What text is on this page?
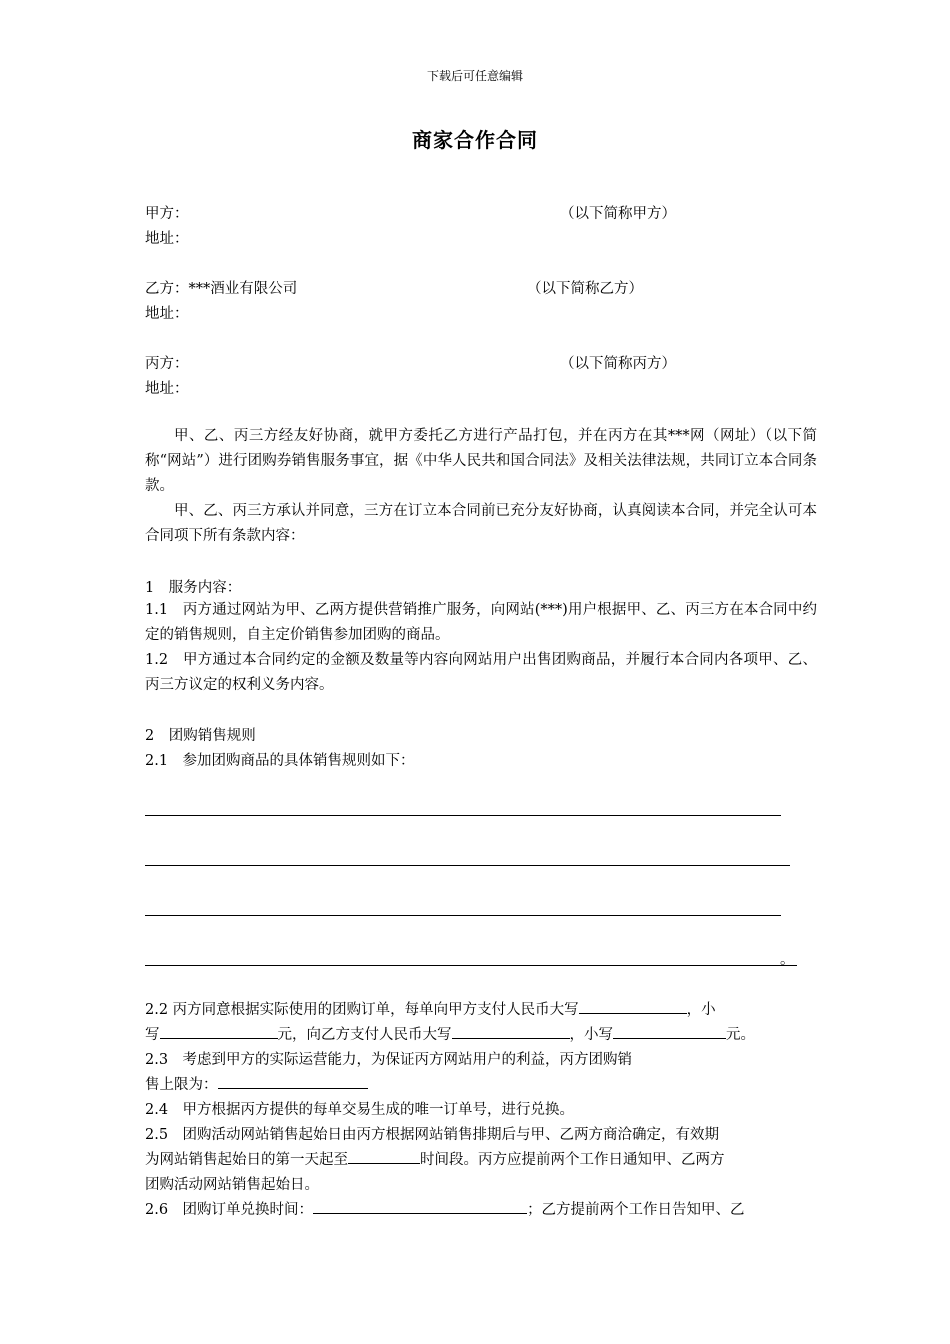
下载后可任意编辑
商家合作合同
甲方：	（以下简称甲方）
地址：
乙方：***酒业有限公司	（以下简称乙方）
地址：
丙方：	（以下简称丙方）
地址：
甲、乙、丙三方经友好协商，就甲方委托乙方进行产品打包，并在丙方在其***网（网址）（以下简称“网站”）进行团购券销售服务事宜，据《中华人民共和国合同法》及相关法律法规，共同订立本合同条款。
甲、乙、丙三方承认并同意，三方在订立本合同前已充分友好协商，认真阅读本合同，并完全认可本合同项下所有条款内容：
1　服务内容：
1.1　丙方通过网站为甲、乙两方提供营销推广服务，向网站(***)用户根据甲、乙、丙三方在本合同中约定的销售规则，自主定价销售参加团购的商品。
1.2　甲方通过本合同约定的金额及数量等内容向网站用户出售团购商品，并履行本合同内各项甲、乙、丙三方议定的权利义务内容。
2　团购销售规则
2.1　参加团购商品的具体销售规则如下：
。
2.2 丙方同意根据实际使用的团购订单，每单向甲方支付人民币大写	，小
写	元，向乙方支付人民币大写	，小写	元。
2.3　考虑到甲方的实际运营能力，为保证丙方网站用户的利益，丙方团购销
售上限为：
2.4　甲方根据丙方提供的每单交易生成的唯一订单号，进行兑换。
2.5　团购活动网站销售起始日由丙方根据网站销售排期后与甲、乙两方商洽确定，有效期
为网站销售起始日的第一天起至	时间段。丙方应提前两个工作日通知甲、乙两方
团购活动网站销售起始日。
2.6　团购订单兑换时间：	；乙方提前两个工作日告知甲、乙
